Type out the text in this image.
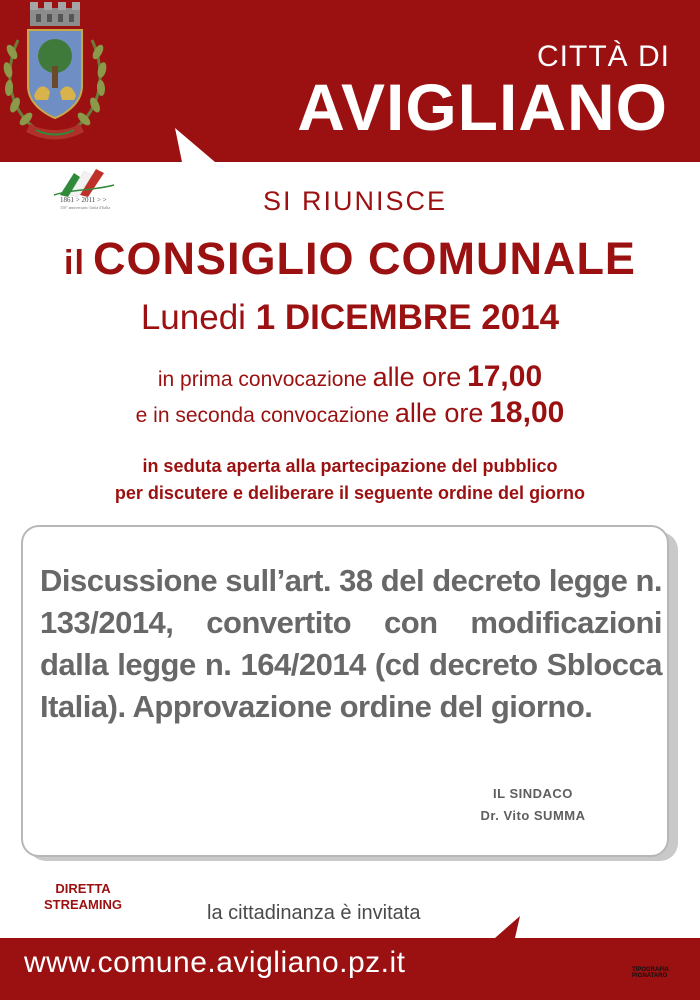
CITTÀ DI
AVIGLIANO
1861 > 2011 > >
150° anniversario Unità d'Italia	SI RIUNISCE
il CONSIGLIO COMUNALE
Lunedi 1 DICEMBRE 2014
in prima convocazione alle ore 17,00
e in seconda convocazione alle ore 18,00
in seduta aperta alla partecipazione del pubblico
per discutere e deliberare il seguente ordine del giorno
Discussione sull’art. 38 del decreto legge n. 133/2014, convertito con modificazioni dalla legge n. 164/2014 (cd decreto Sblocca Italia). Approvazione ordine del giorno.
IL SINDACO
Dr. Vito SUMMA
DIRETTA
STREAMING	la cittadinanza è invitata
www.comune.avigliano.pz.it	TIPOGRAFIA
PIGNATARO
